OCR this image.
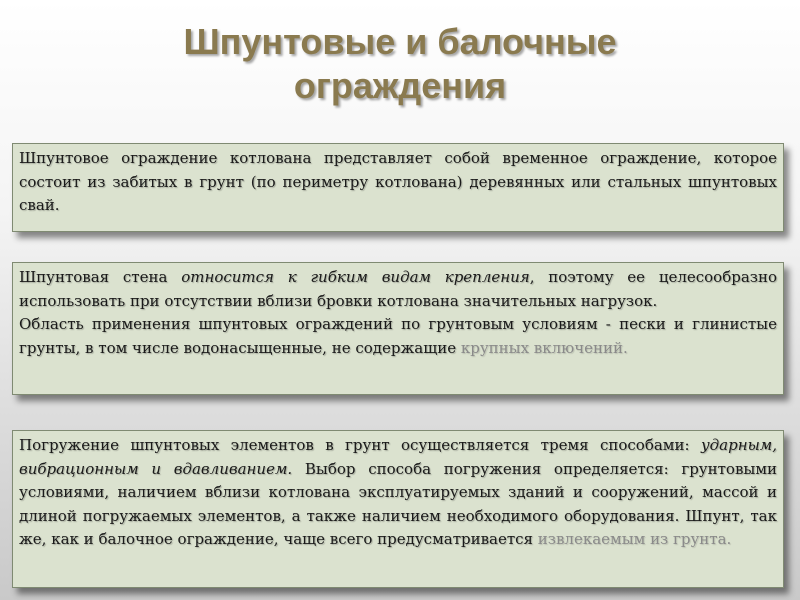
Шпунтовые и балочные
ограждения

Шпунтовое ограждение котлована представляет собой временное ограждение, которое состоит из забитых в грунт (по периметру котлована) деревянных или стальных шпунтовых свай.

Шпунтовая стена относится к гибким видам крепления, поэтому ее целесообразно использовать при отсутствии вблизи бровки котлована значительных нагрузок.

Область применения шпунтовых ограждений по грунтовым условиям - пески и глинистые грунты, в том числе водонасыщенные, не содержащие крупных включений.

Погружение шпунтовых элементов в грунт осуществляется тремя способами: ударным, вибрационным и вдавливанием. Выбор способа погружения определяется: грунтовыми условиями, наличием вблизи котлована эксплуатируемых зданий и сооружений, массой и длиной погружаемых элементов, а также наличием необходимого оборудования. Шпунт, так же, как и балочное ограждение, чаще всего предусматривается извлекаемым из грунта.
